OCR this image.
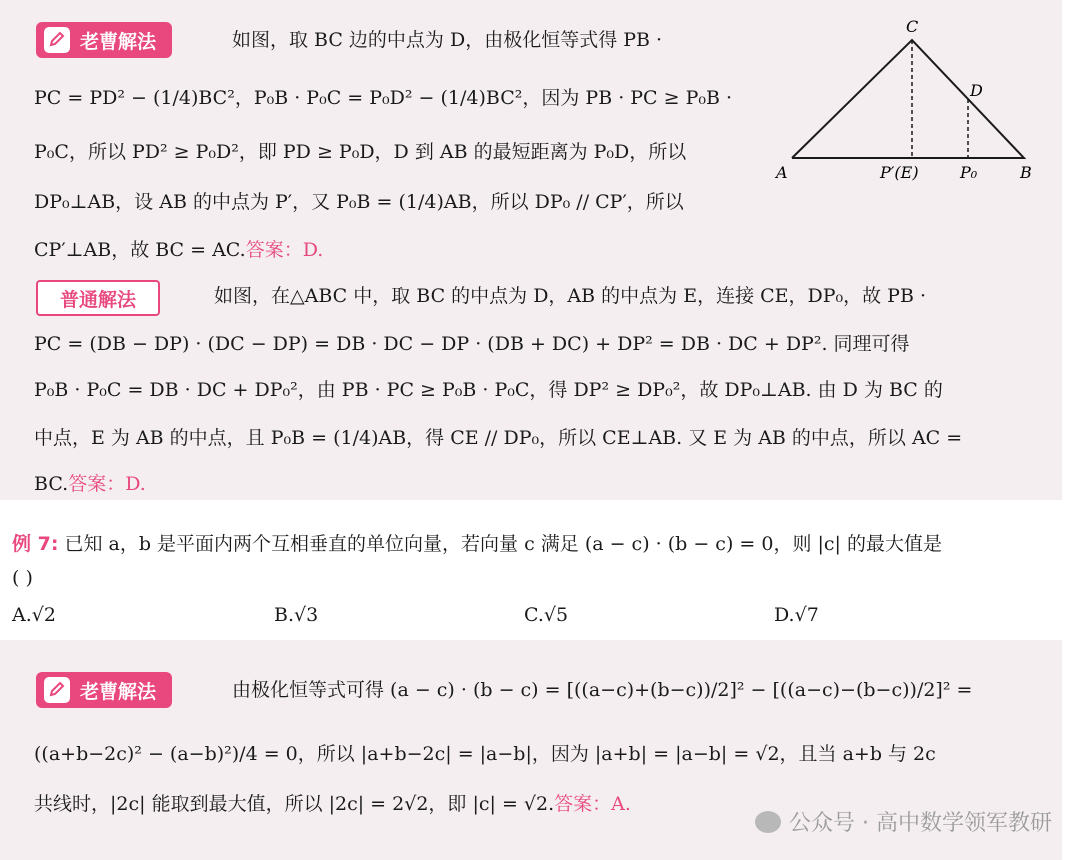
老曹解法	如图，取 BC 边的中点为 D，由极化恒等式得 PB ·
PC = PD² − (1/4)BC²，P₀B · P₀C = P₀D² − (1/4)BC²，因为 PB · PC ≥ P₀B ·
P₀C，所以 PD² ≥ P₀D²，即 PD ≥ P₀D，D 到 AB 的最短距离为 P₀D，所以
DP₀⊥AB，设 AB 的中点为 P′，又 P₀B = (1/4)AB，所以 DP₀ // CP′，所以
CP′⊥AB，故 BC = AC.答案：D.
C
D
A	P′(E)	P₀	B
普通解法	如图，在△ABC 中，取 BC 的中点为 D，AB 的中点为 E，连接 CE，DP₀，故 PB ·
PC = (DB − DP) · (DC − DP) = DB · DC − DP · (DB + DC) + DP² = DB · DC + DP². 同理可得
P₀B · P₀C = DB · DC + DP₀²，由 PB · PC ≥ P₀B · P₀C，得 DP² ≥ DP₀²，故 DP₀⊥AB. 由 D 为 BC 的
中点，E 为 AB 的中点，且 P₀B = (1/4)AB，得 CE // DP₀，所以 CE⊥AB. 又 E 为 AB 的中点，所以 AC =
BC.答案：D.
例 7: 已知 a，b 是平面内两个互相垂直的单位向量，若向量 c 满足 (a − c) · (b − c) = 0，则 |c| 的最大值是
( )
A.√2	B.√3	C.√5	D.√7
老曹解法	由极化恒等式可得 (a − c) · (b − c) = [((a−c)+(b−c))/2]² − [((a−c)−(b−c))/2]² =
((a+b−2c)² − (a−b)²)/4 = 0，所以 |a+b−2c| = |a−b|，因为 |a+b| = |a−b| = √2，且当 a+b 与 2c
共线时，|2c| 能取到最大值，所以 |2c| = 2√2，即 |c| = √2.答案：A.
公众号 · 高中数学领军教研
